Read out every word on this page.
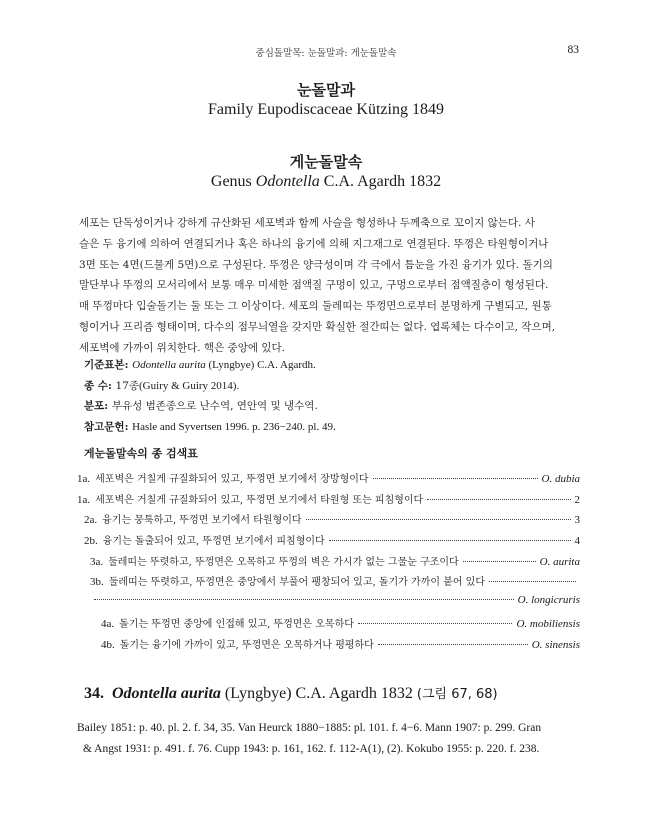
중심돌말목: 눈돌말과: 게눈돌말속	83
눈돌말과
Family Eupodiscaceae Kützing 1849
게눈돌말속
Genus Odontella C.A. Agardh 1832
세포는 단독성이거나 강하게 규산화된 세포벽과 함께 사슬을 형성하나 두께축으로 꼬이지 않는다. 사
슬은 두 융기에 의하여 연결되거나 혹은 하나의 융기에 의해 지그재그로 연결된다. 뚜껑은 타원형이거나
3면 또는 4면(드물게 5면)으로 구성된다. 뚜껑은 양극성이며 각 극에서 틈눈을 가진 융기가 있다. 돌기의
말단부나 뚜껑의 모서리에서 보통 매우 미세한 점액질 구멍이 있고, 구멍으로부터 점액질층이 형성된다.
매 뚜껑마다 입술돌기는 둘 또는 그 이상이다. 세포의 둘레띠는 뚜껑면으로부터 분명하게 구별되고, 원통
형이거나 프리즘 형태이며, 다수의 점무늬열을 갖지만 확실한 절간띠는 없다. 엽록체는 다수이고, 작으며,
세포벽에 가까이 위치한다. 핵은 중앙에 있다.
기준표본: Odontella aurita (Lyngbye) C.A. Agardh.
종 수: 17종(Guiry & Guiry 2014).
분포: 부유성 범존종으로 난수역, 연안역 및 냉수역.
참고문헌: Hasle and Syvertsen 1996. p. 236−240. pl. 49.
게눈돌말속의 종 검색표
1a. 세포벽은 거칠게 규질화되어 있고, 뚜껑면 보기에서 장방형이다	O. dubia
1a. 세포벽은 거칠게 규질화되어 있고, 뚜껑면 보기에서 타원형 또는 피침형이다	2
2a. 융기는 뭉툭하고, 뚜껑면 보기에서 타원형이다	3
2b. 융기는 돌출되어 있고, 뚜껑면 보기에서 피침형이다	4
3a. 둘레띠는 뚜렷하고, 뚜껑면은 오목하고 뚜껑의 벽은 가시가 없는 그물눈 구조이다	O. aurita
3b. 둘레띠는 뚜렷하고, 뚜껑면은 중앙에서 부풀어 팽창되어 있고, 돌기가 가까이 붙어 있다
O. longicruris
4a. 돌기는 뚜껑면 중앙에 인접해 있고, 뚜껑면은 오목하다	O. mobiliensis
4b. 돌기는 융기에 가까이 있고, 뚜껑면은 오목하거나 평평하다	O. sinensis
34. Odontella aurita (Lyngbye) C.A. Agardh 1832 (그림 67, 68)
Bailey 1851: p. 40. pl. 2. f. 34, 35. Van Heurck 1880−1885: pl. 101. f. 4−6. Mann 1907: p. 299. Gran
& Angst 1931: p. 491. f. 76. Cupp 1943: p. 161, 162. f. 112-A(1), (2). Kokubo 1955: p. 220. f. 238.
